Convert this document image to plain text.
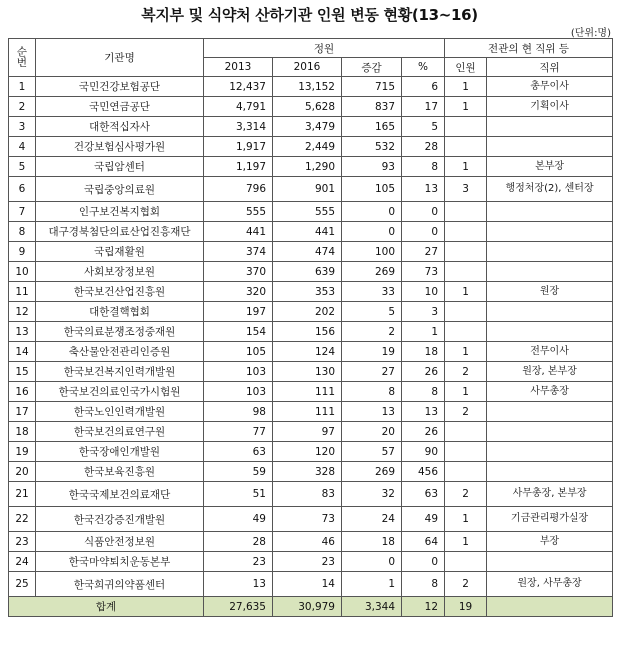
복지부 및 식약처 산하기관 인원 변동 현황(13~16)
(단위:명)
순
번	기관명	정원				전관의 현 직위 등	
		2013	2016	증감	%	인원	직위
1	국민건강보험공단	12,437	13,152	715	6	1	총무이사
2	국민연금공단	4,791	5,628	837	17	1	기획이사
3	대한적십자사	3,314	3,479	165	5		
4	건강보험심사평가원	1,917	2,449	532	28		
5	국립암센터	1,197	1,290	93	8	1	본부장
6	국립중앙의료원	796	901	105	13	3	행정처장(2), 센터장
7	인구보건복지협회	555	555	0	0		
8	대구경북첨단의료산업진흥재단	441	441	0	0		
9	국립재활원	374	474	100	27		
10	사회보장정보원	370	639	269	73		
11	한국보건산업진흥원	320	353	33	10	1	원장
12	대한결핵협회	197	202	5	3		
13	한국의료분쟁조정중재원	154	156	2	1		
14	축산물안전관리인증원	105	124	19	18	1	전무이사
15	한국보건복지인력개발원	103	130	27	26	2	원장, 본부장
16	한국보건의료인국가시험원	103	111	8	8	1	사무총장
17	한국노인인력개발원	98	111	13	13	2	
18	한국보건의료연구원	77	97	20	26		
19	한국장애인개발원	63	120	57	90		
20	한국보육진흥원	59	328	269	456		
21	한국국제보건의료재단	51	83	32	63	2	사무총장, 본부장
22	한국건강증진개발원	49	73	24	49	1	기금관리평가실장
23	식품안전정보원	28	46	18	64	1	부장
24	한국마약퇴치운동본부	23	23	0	0		
25	한국희귀의약품센터	13	14	1	8	2	원장, 사무총장
합계		27,635	30,979	3,344	12	19	
